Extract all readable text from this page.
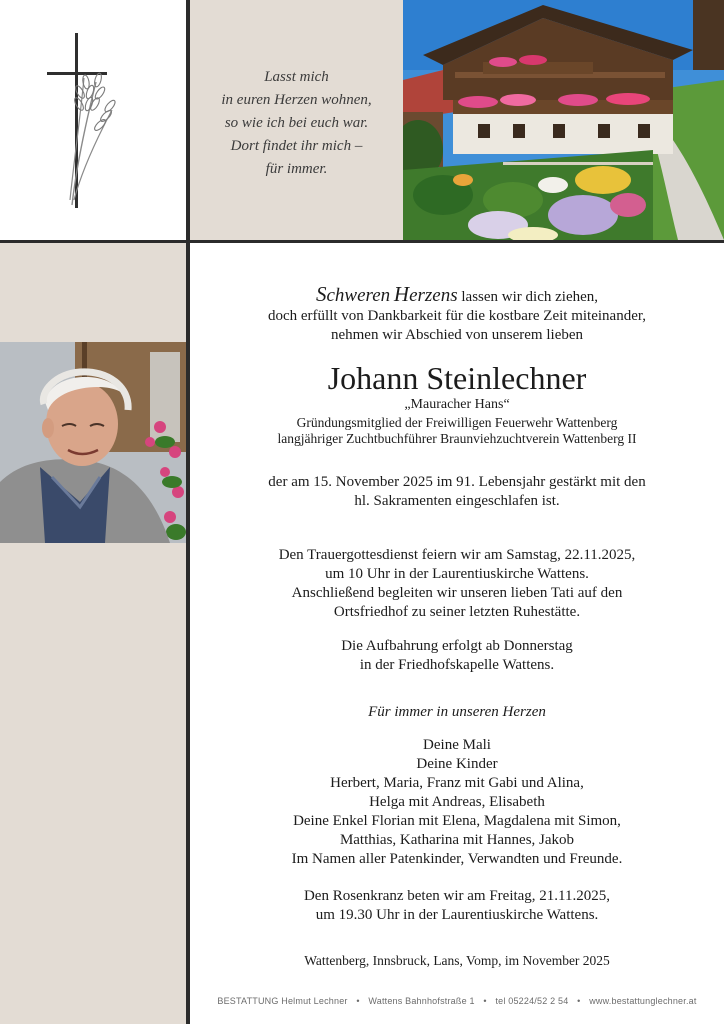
Lasst mich
in euren Herzen wohnen,
so wie ich bei euch war.
Dort findet ihr mich –
für immer.
Schweren Herzens lassen wir dich ziehen,
doch erfüllt von Dankbarkeit für die kostbare Zeit miteinander,
nehmen wir Abschied von unserem lieben
Johann Steinlechner
„Mauracher Hans“
Gründungsmitglied der Freiwilligen Feuerwehr Wattenberg
langjähriger Zuchtbuchführer Braunviehzuchtverein Wattenberg II
der am 15. November 2025 im 91. Lebensjahr gestärkt mit den
hl. Sakramenten eingeschlafen ist.
Den Trauergottesdienst feiern wir am Samstag, 22.11.2025,
um 10 Uhr in der Laurentiuskirche Wattens.
Anschließend begleiten wir unseren lieben Tati auf den
Ortsfriedhof zu seiner letzten Ruhestätte.
Die Aufbahrung erfolgt ab Donnerstag
in der Friedhofskapelle Wattens.
Für immer in unseren Herzen
Deine Mali
Deine Kinder
Herbert, Maria, Franz mit Gabi und Alina,
Helga mit Andreas, Elisabeth
Deine Enkel Florian mit Elena, Magdalena mit Simon,
Matthias, Katharina mit Hannes, Jakob
Im Namen aller Patenkinder, Verwandten und Freunde.
Den Rosenkranz beten wir am Freitag, 21.11.2025,
um 19.30 Uhr in der Laurentiuskirche Wattens.
Wattenberg, Innsbruck, Lans, Vomp, im November 2025
BESTATTUNG Helmut Lechner • Wattens Bahnhofstraße 1 • tel 05224/52 2 54 • www.bestattunglechner.at
